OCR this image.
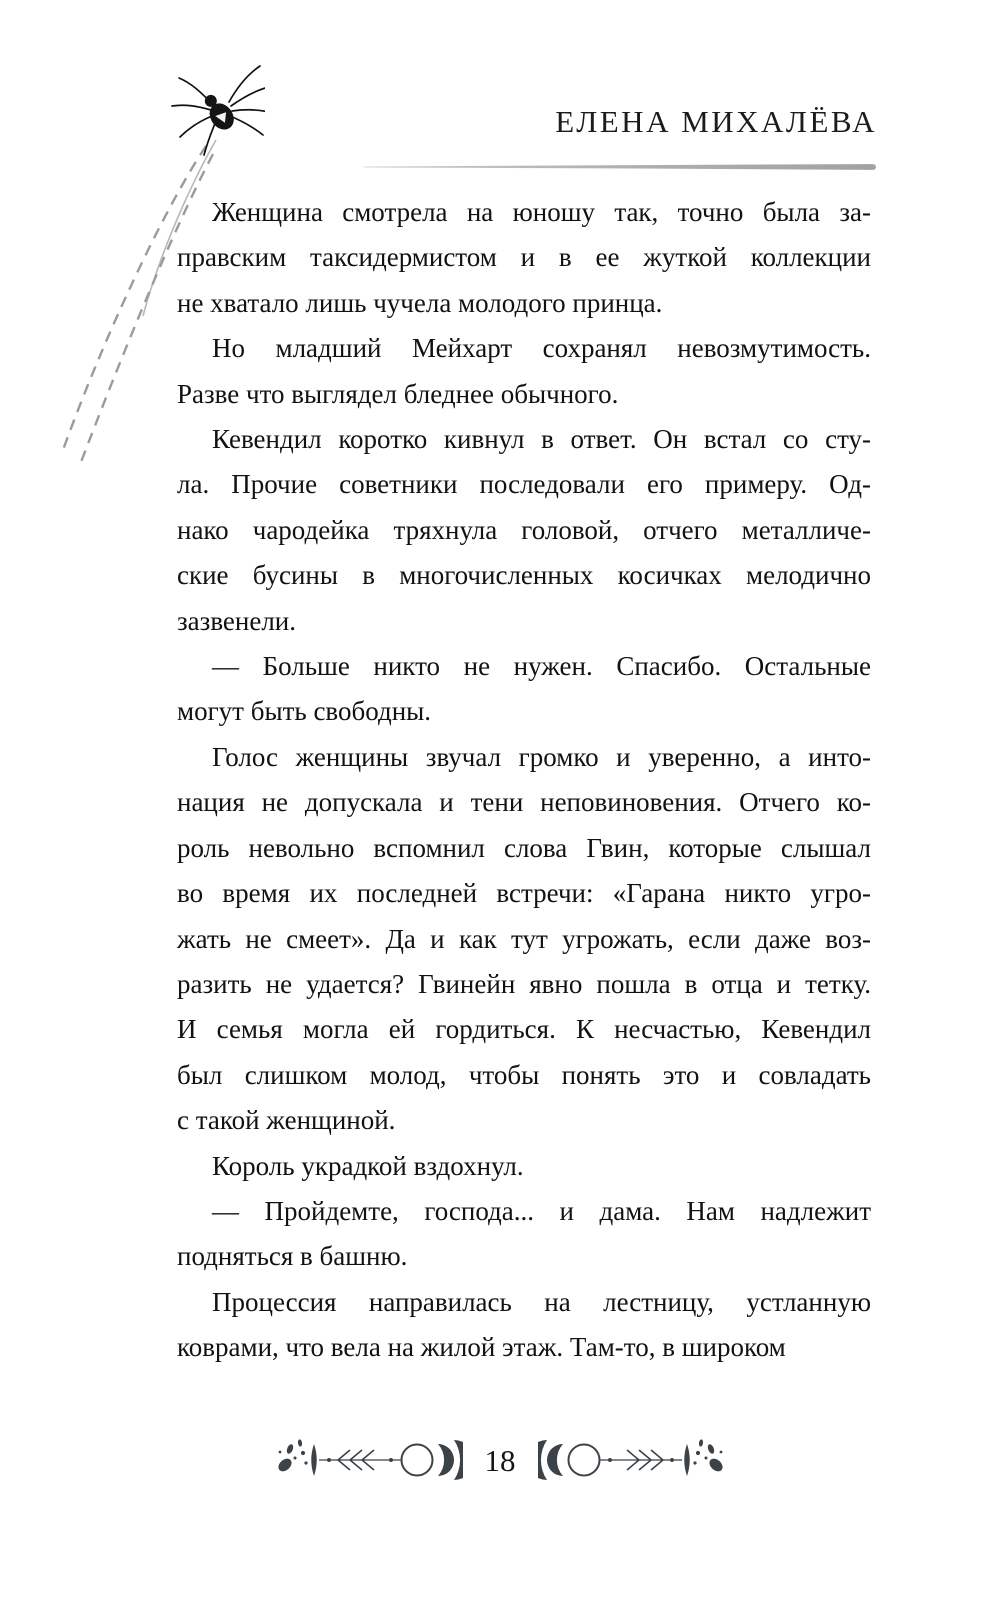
ЕЛЕНА МИХАЛЁВА
Женщина смотрела на юношу так, точно была за-
правским таксидермистом и в ее жуткой коллекции
не хватало лишь чучела молодого принца.
Но младший Мейхарт сохранял невозмутимость.
Разве что выглядел бледнее обычного.
Кевендил коротко кивнул в ответ. Он встал со сту-
ла. Прочие советники последовали его примеру. Од-
нако чародейка тряхнула головой, отчего металличе-
ские бусины в многочисленных косичках мелодично
зазвенели.
— Больше никто не нужен. Спасибо. Остальные
могут быть свободны.
Голос женщины звучал громко и уверенно, а инто-
нация не допускала и тени неповиновения. Отчего ко-
роль невольно вспомнил слова Гвин, которые слышал
во время их последней встречи: «Гарана никто угро-
жать не смеет». Да и как тут угрожать, если даже воз-
разить не удается? Гвинейн явно пошла в отца и тетку.
И семья могла ей гордиться. К несчастью, Кевендил
был слишком молод, чтобы понять это и совладать
с такой женщиной.
Король украдкой вздохнул.
— Пройдемте, господа... и дама. Нам надлежит
подняться в башню.
Процессия направилась на лестницу, устланную
коврами, что вела на жилой этаж. Там-то, в широком
18
